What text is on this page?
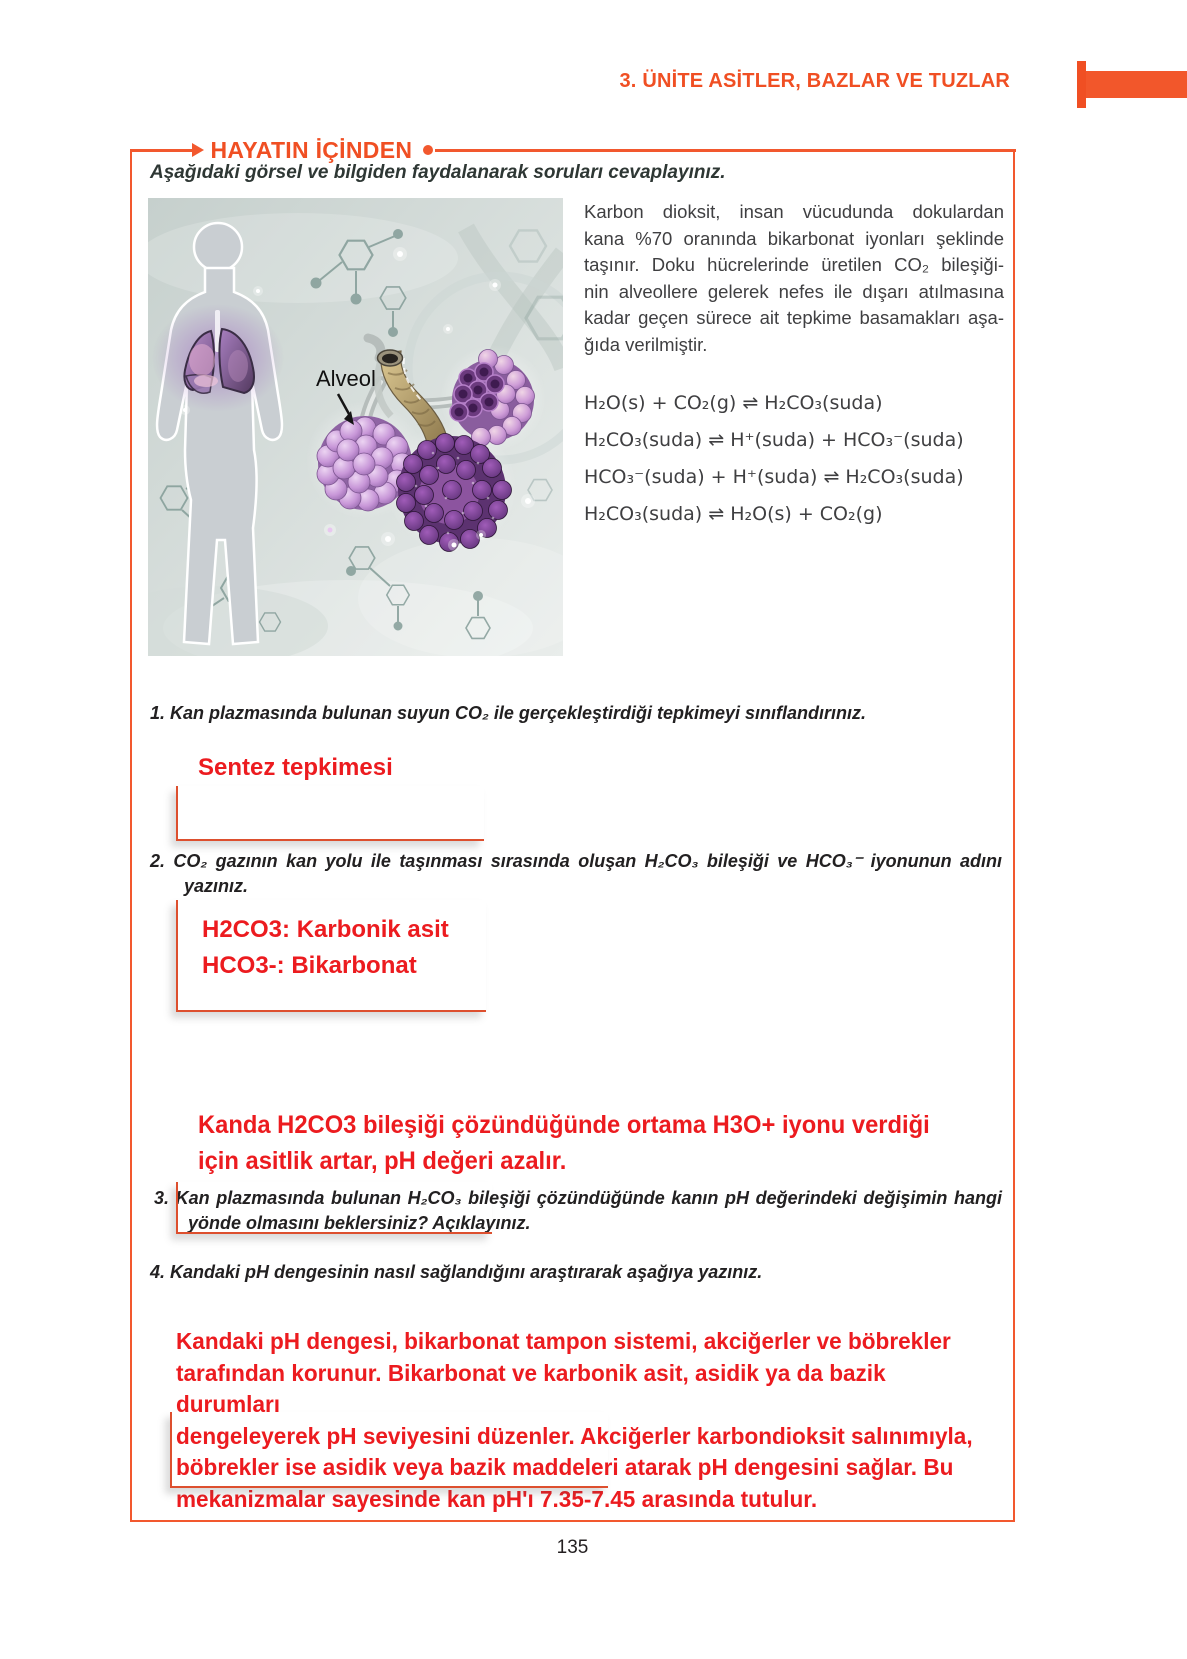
3. ÜNİTE ASİTLER, BAZLAR VE TUZLAR
HAYATIN İÇİNDEN
Aşağıdaki görsel ve bilgiden faydalanarak soruları cevaplayınız.
Alveol
Karbon dioksit, insan vücudunda dokulardan
kana %70 oranında bikarbonat iyonları şeklinde
taşınır. Doku hücrelerinde üretilen CO₂ bileşiği-
nin alveollere gelerek nefes ile dışarı atılmasına
kadar geçen sürece ait tepkime basamakları aşa-
ğıda verilmiştir.
H₂O(s) + CO₂(g) ⇌ H₂CO₃(suda)
H₂CO₃(suda) ⇌ H⁺(suda) + HCO₃⁻(suda)
HCO₃⁻(suda) + H⁺(suda) ⇌ H₂CO₃(suda)
H₂CO₃(suda) ⇌ H₂O(s) + CO₂(g)
1. Kan plazmasında bulunan suyun CO₂ ile gerçekleştirdiği tepkimeyi sınıflandırınız.
Sentez tepkimesi
2. CO₂ gazının kan yolu ile taşınması sırasında oluşan H₂CO₃ bileşiği ve HCO₃⁻ iyonunun adını yazınız.
H2CO3: Karbonik asit
HCO3-: Bikarbonat
3. Kan plazmasında bulunan H₂CO₃ bileşiği çözündüğünde kanın pH değerindeki değişimin hangi yönde olmasını beklersiniz? Açıklayınız.
Kanda H2CO3 bileşiği çözündüğünde ortama H3O+ iyonu verdiği
için asitlik artar, pH değeri azalır.
4. Kandaki pH dengesinin nasıl sağlandığını araştırarak aşağıya yazınız.
Kandaki pH dengesi, bikarbonat tampon sistemi, akciğerler ve böbrekler
tarafından korunur. Bikarbonat ve karbonik asit, asidik ya da bazik durumları
dengeleyerek pH seviyesini düzenler. Akciğerler karbondioksit salınımıyla,
böbrekler ise asidik veya bazik maddeleri atarak pH dengesini sağlar. Bu
mekanizmalar sayesinde kan pH'ı 7.35-7.45 arasında tutulur.
135
